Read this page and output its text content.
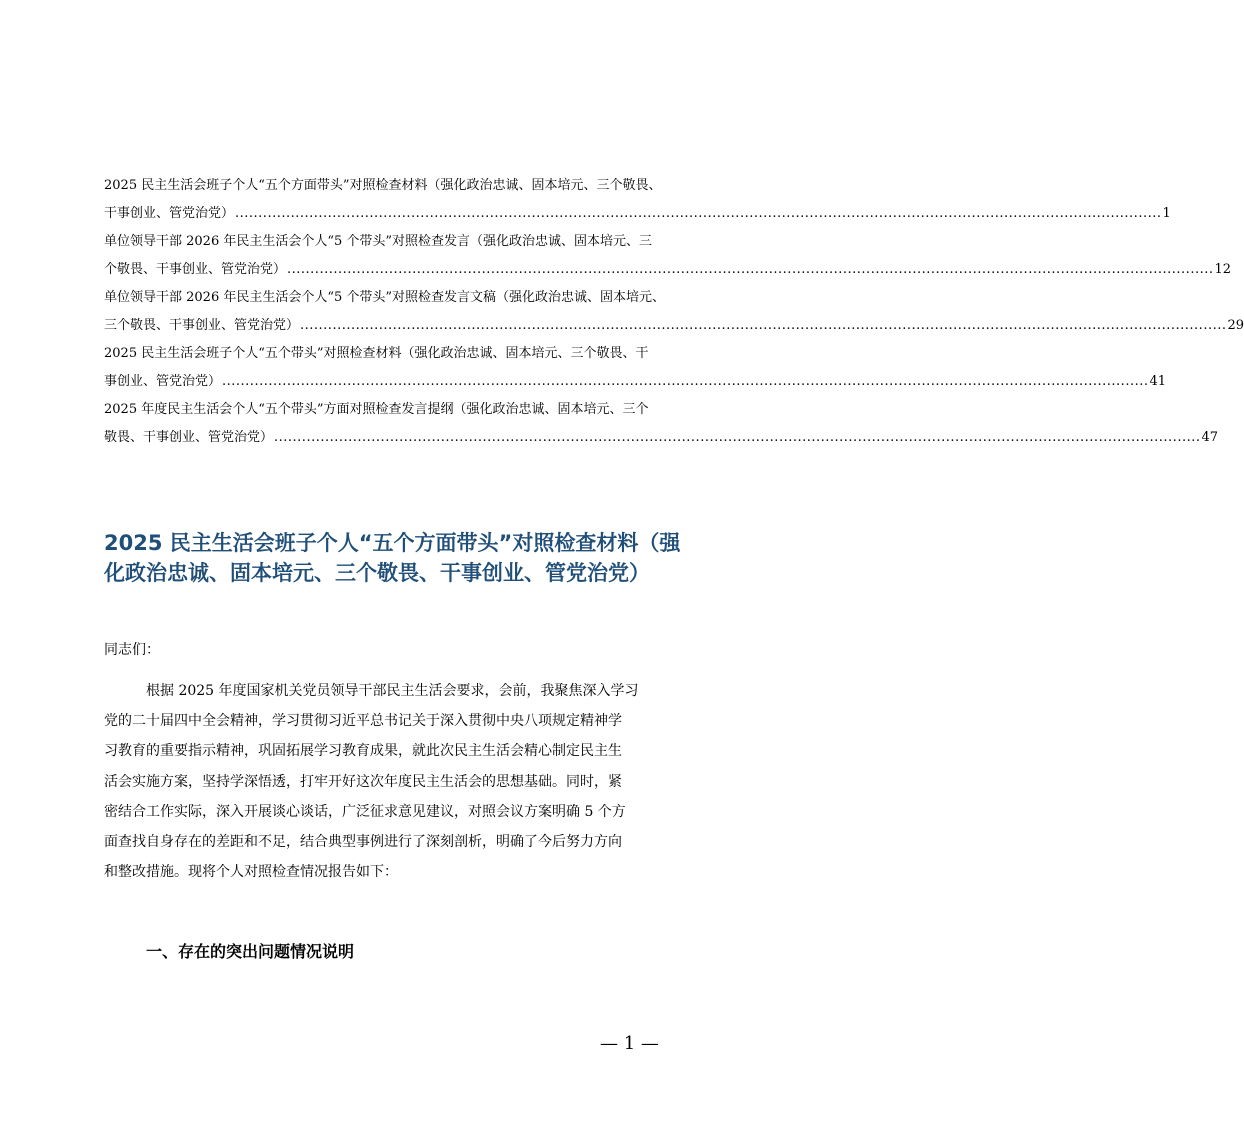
2025 民主生活会班子个人“五个方面带头”对照检查材料（强化政治忠诚、固本培元、三个敬畏、
干事创业、管党治党） ........................................................................................................................................................................................................ 1
单位领导干部 2026 年民主生活会个人“5 个带头”对照检查发言（强化政治忠诚、固本培元、三
个敬畏、干事创业、管党治党） ........................................................................................................................................................................................................ 12
单位领导干部 2026 年民主生活会个人“5 个带头”对照检查发言文稿（强化政治忠诚、固本培元、
三个敬畏、干事创业、管党治党） ........................................................................................................................................................................................................ 29
2025 民主生活会班子个人“五个带头”对照检查材料（强化政治忠诚、固本培元、三个敬畏、干
事创业、管党治党） ........................................................................................................................................................................................................ 41
2025 年度民主生活会个人“五个带头”方面对照检查发言提纲（强化政治忠诚、固本培元、三个
敬畏、干事创业、管党治党） ........................................................................................................................................................................................................ 47
2025 民主生活会班子个人“五个方面带头”对照检查材料（强
化政治忠诚、固本培元、三个敬畏、干事创业、管党治党）

同志们：

根据 2025 年度国家机关党员领导干部民主生活会要求，会前，我聚焦深入学习
党的二十届四中全会精神，学习贯彻习近平总书记关于深入贯彻中央八项规定精神学
习教育的重要指示精神，巩固拓展学习教育成果，就此次民主生活会精心制定民主生
活会实施方案，坚持学深悟透，打牢开好这次年度民主生活会的思想基础。同时，紧
密结合工作实际，深入开展谈心谈话，广泛征求意见建议，对照会议方案明确 5 个方
面查找自身存在的差距和不足，结合典型事例进行了深刻剖析，明确了今后努力方向
和整改措施。现将个人对照检查情况报告如下：
一、存在的突出问题情况说明
— 1 —
